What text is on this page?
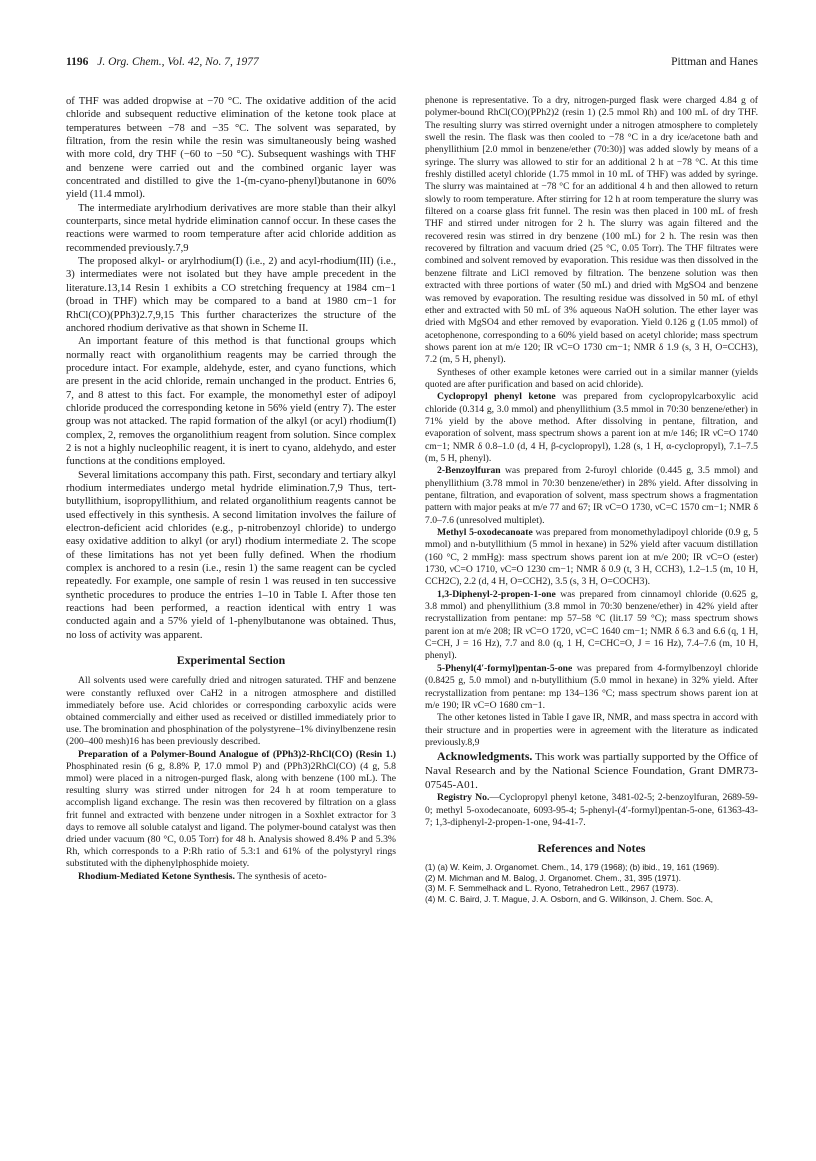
1196 J. Org. Chem., Vol. 42, No. 7, 1977	Pittman and Hanes

of THF was added dropwise at −70 °C. The oxidative addition of the acid chloride and subsequent reductive elimination of the ketone took place at temperatures between −78 and −35 °C. The solvent was separated, by filtration, from the resin while the resin was simultaneously being washed with more cold, dry THF (−60 to −50 °C). Subsequent washings with THF and benzene were carried out and the combined organic layer was concentrated and distilled to give the 1-(m-cyano-phenyl)butanone in 60% yield (11.4 mmol).

The intermediate arylrhodium derivatives are more stable than their alkyl counterparts, since metal hydride elimination cannof occur. In these cases the reactions were warmed to room temperature after acid chloride addition as recommended previously.7,9

The proposed alkyl- or arylrhodium(I) (i.e., 2) and acyl-rhodium(III) (i.e., 3) intermediates were not isolated but they have ample precedent in the literature.13,14 Resin 1 exhibits a CO stretching frequency at 1984 cm−1 (broad in THF) which may be compared to a band at 1980 cm−1 for RhCl(CO)(PPh3)2.7,9,15 This further characterizes the structure of the anchored rhodium derivative as that shown in Scheme II.

An important feature of this method is that functional groups which normally react with organolithium reagents may be carried through the procedure intact. For example, aldehyde, ester, and cyano functions, which are present in the acid chloride, remain unchanged in the product. Entries 6, 7, and 8 attest to this fact. For example, the monomethyl ester of adipoyl chloride produced the corresponding ketone in 56% yield (entry 7). The ester group was not attacked. The rapid formation of the alkyl (or acyl) rhodium(I) complex, 2, removes the organolithium reagent from solution. Since complex 2 is not a highly nucleophilic reagent, it is inert to cyano, aldehydo, and ester functions at the conditions employed.

Several limitations accompany this path. First, secondary and tertiary alkyl rhodium intermediates undergo metal hydride elimination.7,9 Thus, tert-butyllithium, isopropyllithium, and related organolithium reagents cannot be used effectively in this synthesis. A second limitation involves the failure of electron-deficient acid chlorides (e.g., p-nitrobenzoyl chloride) to undergo easy oxidative addition to alkyl (or aryl) rhodium intermediate 2. The scope of these limitations has not yet been fully defined. When the rhodium complex is anchored to a resin (i.e., resin 1) the same reagent can be cycled repeatedly. For example, one sample of resin 1 was reused in ten successive synthetic procedures to produce the entries 1–10 in Table I. After those ten reactions had been performed, a reaction identical with entry 1 was conducted again and a 57% yield of 1-phenylbutanone was obtained. Thus, no loss of activity was apparent.

Experimental Section

All solvents used were carefully dried and nitrogen saturated. THF and benzene were constantly refluxed over CaH2 in a nitrogen atmosphere and distilled immediately before use. Acid chlorides or corresponding carboxylic acids were obtained commercially and either used as received or distilled immediately prior to use. The bromination and phosphination of the polystyrene–1% divinylbenzene resin (200–400 mesh)16 has been previously described.

Preparation of a Polymer-Bound Analogue of (PPh3)2-RhCl(CO) (Resin 1.) Phosphinated resin (6 g, 8.8% P, 17.0 mmol P) and (PPh3)2RhCl(CO) (4 g, 5.8 mmol) were placed in a nitrogen-purged flask, along with benzene (100 mL). The resulting slurry was stirred under nitrogen for 24 h at room temperature to accomplish ligand exchange. The resin was then recovered by filtration on a glass frit funnel and extracted with benzene under nitrogen in a Soxhlet extractor for 3 days to remove all soluble catalyst and ligand. The polymer-bound catalyst was then dried under vacuum (80 °C, 0.05 Torr) for 48 h. Analysis showed 8.4% P and 5.3% Rh, which corresponds to a P:Rh ratio of 5.3:1 and 61% of the polystyryl rings substituted with the diphenylphosphide moiety.

Rhodium-Mediated Ketone Synthesis. The synthesis of aceto-

phenone is representative. To a dry, nitrogen-purged flask were charged 4.84 g of polymer-bound RhCl(CO)(PPh2)2 (resin 1) (2.5 mmol Rh) and 100 mL of dry THF. The resulting slurry was stirred overnight under a nitrogen atmosphere to completely swell the resin. The flask was then cooled to −78 °C in a dry ice/acetone bath and phenyllithium [2.0 mmol in benzene/ether (70:30)] was added slowly by means of a syringe. The slurry was allowed to stir for an additional 2 h at −78 °C. At this time freshly distilled acetyl chloride (1.75 mmol in 10 mL of THF) was added by syringe. The slurry was maintained at −78 °C for an additional 4 h and then allowed to return slowly to room temperature. After stirring for 12 h at room temperature the slurry was filtered on a coarse glass frit funnel. The resin was then placed in 100 mL of fresh THF and stirred under nitrogen for 2 h. The slurry was again filtered and the recovered resin was stirred in dry benzene (100 mL) for 2 h. The resin was then recovered by filtration and vacuum dried (25 °C, 0.05 Torr). The THF filtrates were combined and solvent removed by evaporation. This residue was then dissolved in the benzene filtrate and LiCl removed by filtration. The benzene solution was then extracted with three portions of water (50 mL) and dried with MgSO4 and benzene was removed by evaporation. The resulting residue was dissolved in 50 mL of ethyl ether and extracted with 50 mL of 3% aqueous NaOH solution. The ether layer was dried with MgSO4 and ether removed by evaporation. Yield 0.126 g (1.05 mmol) of acetophenone, corresponding to a 60% yield based on acetyl chloride; mass spectrum shows parent ion at m/e 120; IR νC=O 1730 cm−1; NMR δ 1.9 (s, 3 H, O=CCH3), 7.2 (m, 5 H, phenyl).

Syntheses of other example ketones were carried out in a similar manner (yields quoted are after purification and based on acid chloride).

Cyclopropyl phenyl ketone was prepared from cyclopropylcarboxylic acid chloride (0.314 g, 3.0 mmol) and phenyllithium (3.5 mmol in 70:30 benzene/ether) in 71% yield by the above method. After dissolving in pentane, filtration, and evaporation of solvent, mass spectrum shows a parent ion at m/e 146; IR νC=O 1740 cm−1; NMR δ 0.8–1.0 (d, 4 H, β-cyclopropyl), 1.28 (s, 1 H, α-cyclopropyl), 7.1–7.5 (m, 5 H, phenyl).

2-Benzoylfuran was prepared from 2-furoyl chloride (0.445 g, 3.5 mmol) and phenyllithium (3.78 mmol in 70:30 benzene/ether) in 28% yield. After dissolving in pentane, filtration, and evaporation of solvent, mass spectrum shows a fragmentation pattern with major peaks at m/e 77 and 67; IR νC=O 1730, νC=C 1570 cm−1; NMR δ 7.0–7.6 (unresolved multiplet).

Methyl 5-oxodecanoate was prepared from monomethyladipoyl chloride (0.9 g, 5 mmol) and n-butyllithium (5 mmol in hexane) in 52% yield after vacuum distillation (160 °C, 2 mmHg): mass spectrum shows parent ion at m/e 200; IR νC=O (ester) 1730, νC=O 1710, νC=O 1230 cm−1; NMR δ 0.9 (t, 3 H, CCH3), 1.2–1.5 (m, 10 H, CCH2C), 2.2 (d, 4 H, O=CCH2), 3.5 (s, 3 H, O=COCH3).

1,3-Diphenyl-2-propen-1-one was prepared from cinnamoyl chloride (0.625 g, 3.8 mmol) and phenyllithium (3.8 mmol in 70:30 benzene/ether) in 42% yield after recrystallization from pentane: mp 57–58 °C (lit.17 59 °C); mass spectrum shows parent ion at m/e 208; IR νC=O 1720, νC=C 1640 cm−1; NMR δ 6.3 and 6.6 (q, 1 H, C=CH, J = 16 Hz), 7.7 and 8.0 (q, 1 H, C=CHC=O, J = 16 Hz), 7.4–7.6 (m, 10 H, phenyl).

5-Phenyl(4′-formyl)pentan-5-one was prepared from 4-formylbenzoyl chloride (0.8425 g, 5.0 mmol) and n-butyllithium (5.0 mmol in hexane) in 32% yield. After recrystallization from pentane: mp 134–136 °C; mass spectrum shows parent ion at m/e 190; IR νC=O 1680 cm−1.

The other ketones listed in Table I gave IR, NMR, and mass spectra in accord with their structure and in properties were in agreement with the literature as indicated previously.8,9

Acknowledgments. This work was partially supported by the Office of Naval Research and by the National Science Foundation, Grant DMR73-07545-A01.

Registry No.—Cyclopropyl phenyl ketone, 3481-02-5; 2-benzoylfuran, 2689-59-0; methyl 5-oxodecanoate, 6093-95-4; 5-phenyl-(4′-formyl)pentan-5-one, 61363-43-7; 1,3-diphenyl-2-propen-1-one, 94-41-7.

References and Notes
(1) (a) W. Keim, J. Organomet. Chem., 14, 179 (1968); (b) ibid., 19, 161 (1969).
(2) M. Michman and M. Balog, J. Organomet. Chem., 31, 395 (1971).
(3) M. F. Semmelhack and L. Ryono, Tetrahedron Lett., 2967 (1973).
(4) M. C. Baird, J. T. Mague, J. A. Osborn, and G. Wilkinson, J. Chem. Soc. A,
